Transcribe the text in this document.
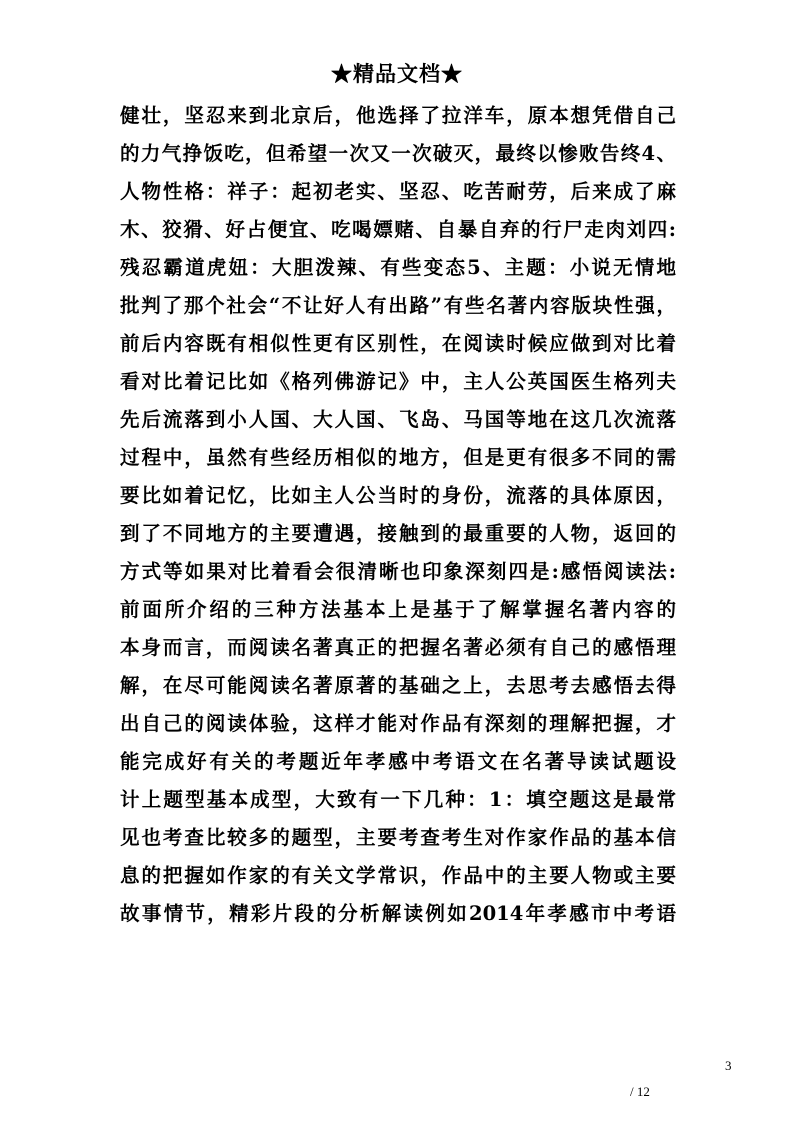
★精品文档★
健壮，坚忍来到北京后，他选择了拉洋车，原本想凭借自己
的力气挣饭吃，但希望一次又一次破灭，最终以惨败告终4、
人物性格：祥子：起初老实、坚忍、吃苦耐劳，后来成了麻
木、狡猾、好占便宜、吃喝嫖赌、自暴自弃的行尸走肉刘四:
残忍霸道虎妞：大胆泼辣、有些变态5、主题：小说无情地
批判了那个社会“不让好人有出路”有些名著内容版块性强，
前后内容既有相似性更有区别性，在阅读时候应做到对比着
看对比着记比如《格列佛游记》中，主人公英国医生格列夫
先后流落到小人国、大人国、飞岛、马国等地在这几次流落
过程中，虽然有些经历相似的地方，但是更有很多不同的需
要比如着记忆，比如主人公当时的身份，流落的具体原因，
到了不同地方的主要遭遇，接触到的最重要的人物，返回的
方式等如果对比着看会很清晰也印象深刻四是:感悟阅读法:
前面所介绍的三种方法基本上是基于了解掌握名著内容的
本身而言，而阅读名著真正的把握名著必须有自己的感悟理
解，在尽可能阅读名著原著的基础之上，去思考去感悟去得
出自己的阅读体验，这样才能对作品有深刻的理解把握，才
能完成好有关的考题近年孝感中考语文在名著导读试题设
计上题型基本成型，大致有一下几种：1：填空题这是最常
见也考查比较多的题型，主要考查考生对作家作品的基本信
息的把握如作家的有关文学常识，作品中的主要人物或主要
故事情节，精彩片段的分析解读例如2014年孝感市中考语
3
/ 12
